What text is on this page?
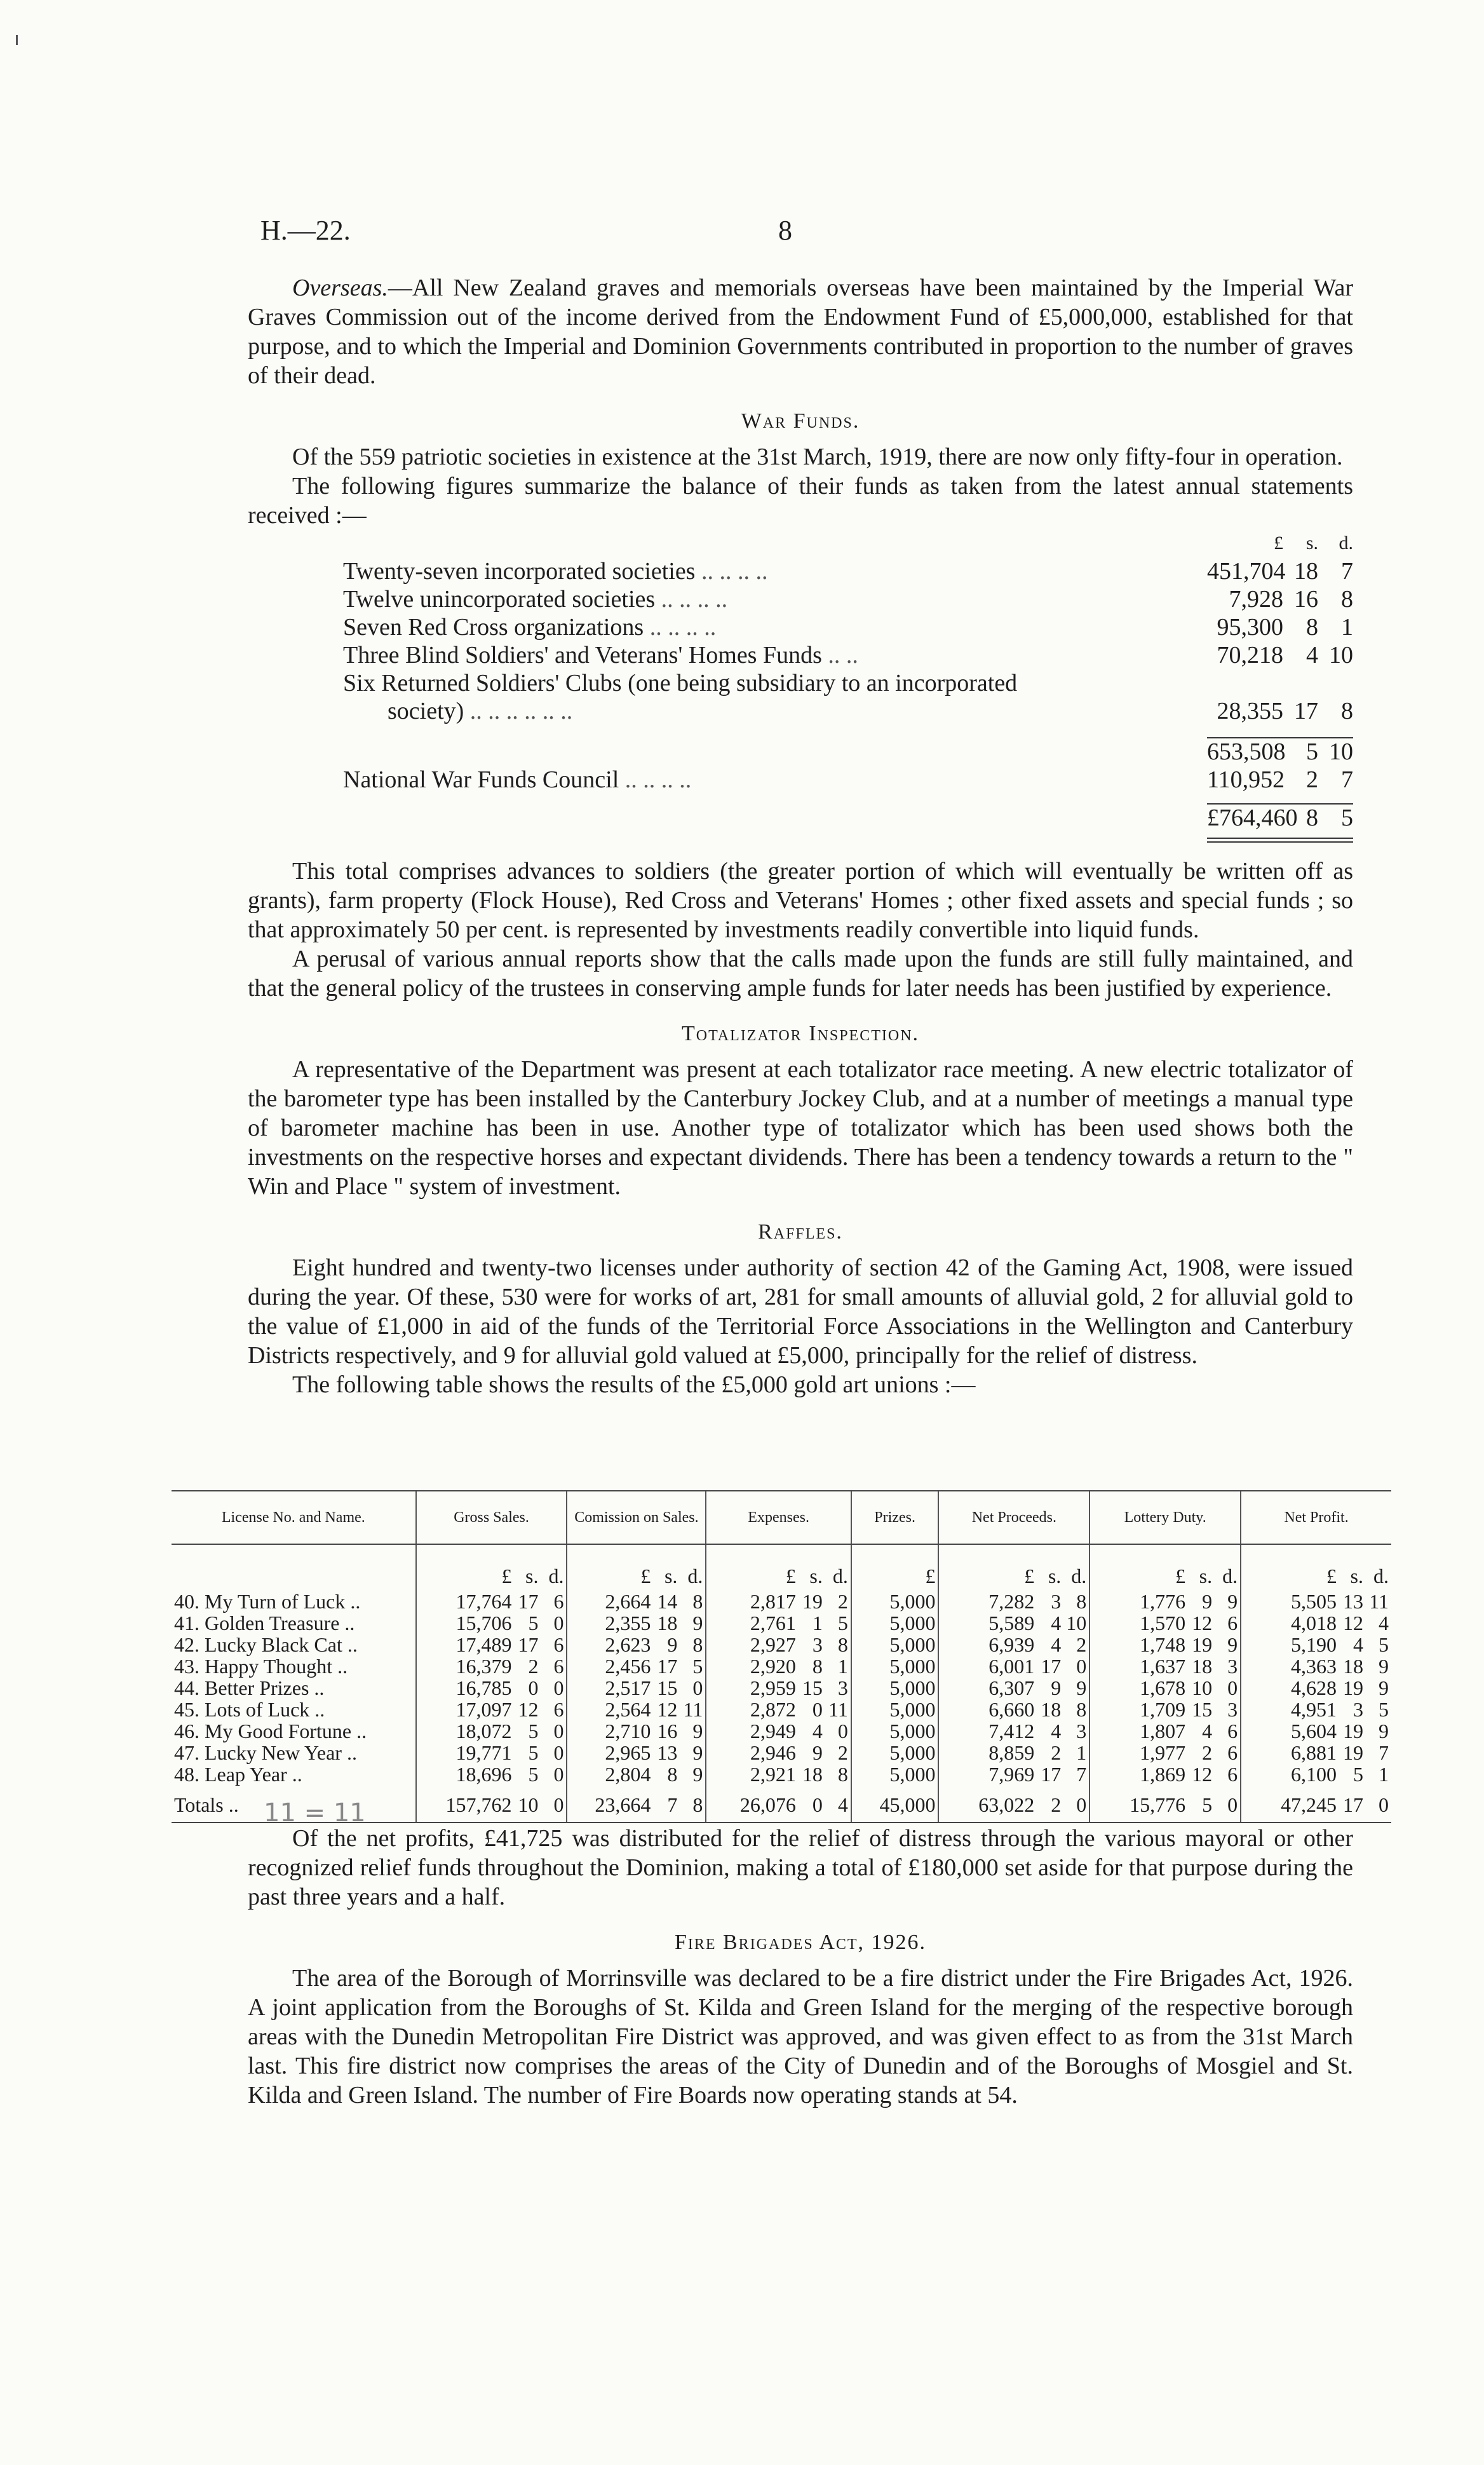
H.—22.	8

Overseas.—All New Zealand graves and memorials overseas have been maintained by the Imperial War Graves Commission out of the income derived from the Endowment Fund of £5,000,000, established for that purpose, and to which the Imperial and Dominion Governments contributed in proportion to the number of graves of their dead.

War Funds.

Of the 559 patriotic societies in existence at the 31st March, 1919, there are now only fifty-four in operation.

The following figures summarize the balance of their funds as taken from the latest annual statements received :—

£	s.	d.
Twenty-seven incorporated societies .. .. .. ..	451,704 18 7
Twelve unincorporated societies .. .. .. ..	7,928 16 8
Seven Red Cross organizations .. .. .. ..	95,300 8 1
Three Blind Soldiers' and Veterans' Homes Funds .. ..	70,218 4 10
Six Returned Soldiers' Clubs (one being subsidiary to an incorporated
society) .. .. .. .. .. ..	28,355 17 8
653,508 5 10
National War Funds Council .. .. .. ..	110,952 2 7
£764,460 8 5

This total comprises advances to soldiers (the greater portion of which will eventually be written off as grants), farm property (Flock House), Red Cross and Veterans' Homes ; other fixed assets and special funds ; so that approximately 50 per cent. is represented by investments readily convertible into liquid funds.

A perusal of various annual reports show that the calls made upon the funds are still fully maintained, and that the general policy of the trustees in conserving ample funds for later needs has been justified by experience.

Totalizator Inspection.

A representative of the Department was present at each totalizator race meeting. A new electric totalizator of the barometer type has been installed by the Canterbury Jockey Club, and at a number of meetings a manual type of barometer machine has been in use. Another type of totalizator which has been used shows both the investments on the respective horses and expectant dividends. There has been a tendency towards a return to the " Win and Place " system of investment.

Raffles.

Eight hundred and twenty-two licenses under authority of section 42 of the Gaming Act, 1908, were issued during the year. Of these, 530 were for works of art, 281 for small amounts of alluvial gold, 2 for alluvial gold to the value of £1,000 in aid of the funds of the Territorial Force Associations in the Wellington and Canterbury Districts respectively, and 9 for alluvial gold valued at £5,000, principally for the relief of distress.

The following table shows the results of the £5,000 gold art unions :—

License No. and Name.	Gross Sales.	Comission on Sales.	Expenses.	Prizes.	Net Proceeds.	Lottery Duty.	Net Profit.

	£ s. d.	£ s. d.	£ s. d.	£	£ s. d.	£ s. d.	£ s. d.

40. My Turn of Luck ..	17,764 17 6	2,664 14 8	2,817 19 2	5,000	7,282 3 8	1,776 9 9	5,505 13 11

41. Golden Treasure ..	15,706 5 0	2,355 18 9	2,761 1 5	5,000	5,589 4 10	1,570 12 6	4,018 12 4

42. Lucky Black Cat ..	17,489 17 6	2,623 9 8	2,927 3 8	5,000	6,939 4 2	1,748 19 9	5,190 4 5

43. Happy Thought ..	16,379 2 6	2,456 17 5	2,920 8 1	5,000	6,001 17 0	1,637 18 3	4,363 18 9

44. Better Prizes ..	16,785 0 0	2,517 15 0	2,959 15 3	5,000	6,307 9 9	1,678 10 0	4,628 19 9

45. Lots of Luck ..	17,097 12 6	2,564 12 11	2,872 0 11	5,000	6,660 18 8	1,709 15 3	4,951 3 5

46. My Good Fortune ..	18,072 5 0	2,710 16 9	2,949 4 0	5,000	7,412 4 3	1,807 4 6	5,604 19 9

47. Lucky New Year ..	19,771 5 0	2,965 13 9	2,946 9 2	5,000	8,859 2 1	1,977 2 6	6,881 19 7

48. Leap Year ..	18,696 5 0	2,804 8 9	2,921 18 8	5,000	7,969 17 7	1,869 12 6	6,100 5 1

Totals ..	157,762 10 0	23,664 7 8	26,076 0 4	45,000	63,022 2 0	15,776 5 0	47,245 17 0
11 = 11

Of the net profits, £41,725 was distributed for the relief of distress through the various mayoral or other recognized relief funds throughout the Dominion, making a total of £180,000 set aside for that purpose during the past three years and a half.

Fire Brigades Act, 1926.

The area of the Borough of Morrinsville was declared to be a fire district under the Fire Brigades Act, 1926. A joint application from the Boroughs of St. Kilda and Green Island for the merging of the respective borough areas with the Dunedin Metropolitan Fire District was approved, and was given effect to as from the 31st March last. This fire district now comprises the areas of the City of Dunedin and of the Boroughs of Mosgiel and St. Kilda and Green Island. The number of Fire Boards now operating stands at 54.
